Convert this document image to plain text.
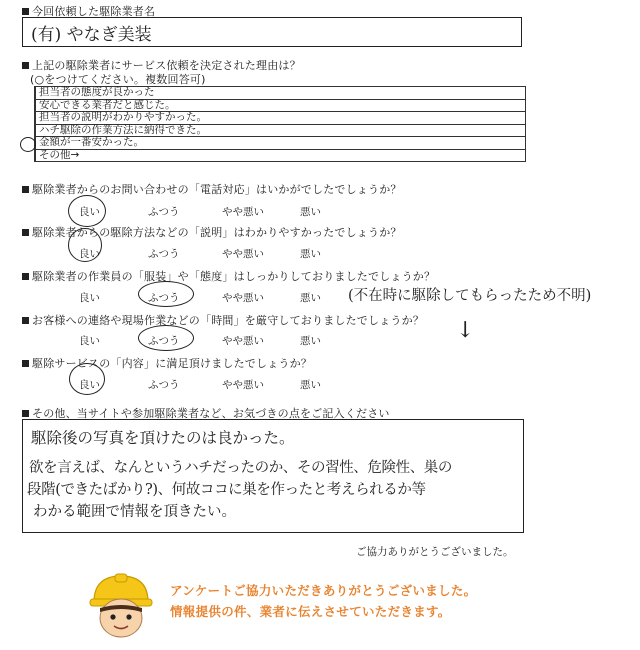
今回依頼した駆除業者名
(有) やなぎ美装
上記の駆除業者にサービス依頼を決定された理由は？
(○をつけてください。複数回答可)
	担当者の態度が良かった
	安心できる業者だと感じた。
	担当者の説明がわかりやすかった。
	ハチ駆除の作業方法に納得できた。
	金額が一番安かった。
	その他→
駆除業者からのお問い合わせの「電話対応」はいかがでしたでしょうか？
良い	ふつう	やや悪い	悪い
駆除業者からの駆除方法などの「説明」はわかりやすかったでしょうか？
良い	ふつう	やや悪い	悪い
駆除業者の作業員の「服装」や「態度」はしっかりしておりましたでしょうか？
良い	ふつう	やや悪い	悪い (不在時に駆除してもらったため不明)
↓
お客様への連絡や現場作業などの「時間」を厳守しておりましたでしょうか？
良い	ふつう	やや悪い	悪い
駆除サービスの「内容」に満足頂けましたでしょうか？
良い	ふつう	やや悪い	悪い
その他、当サイトや参加駆除業者など、お気づきの点をご記入ください
駆除後の写真を頂けたのは良かった。
欲を言えば、なんというハチだったのか、その習性、危険性、巣の
段階(できたばかり?)、何故ココに巣を作ったと考えられるか等
わかる範囲で情報を頂きたい。
ご協力ありがとうございました。
アンケートご協力いただきありがとうございました。
情報提供の件、業者に伝えさせていただきます。
